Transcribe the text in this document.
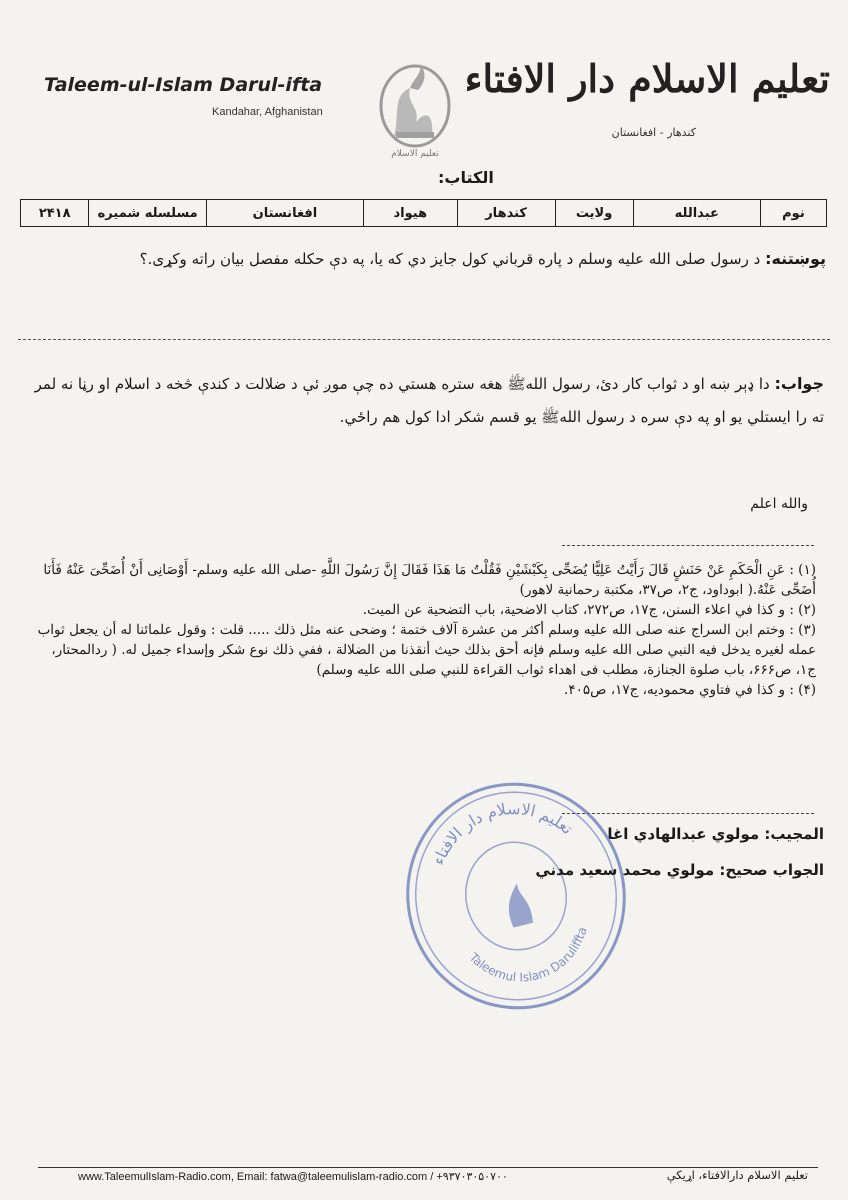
Taleem-ul-Islam Darul-ifta
Kandahar, Afghanistan
تعليم الاسلام
تعليم الاسلام دار الافتاء
کندهار - افغانستان
الكتاب:
نوم	عبدالله	ولايت	كندهار	هيواد	افغانستان	مسلسله شمیره	۲۴۱۸
پوښتنه: د رسول صلی الله علیه وسلم د پاره قرباني کول جایز دي که یا، په دې حکله مفصل بیان راته وکړی.؟
جواب: دا ډېر ښه او د ثواب کار دئ، رسول اللهﷺ هغه ستره هستي ده چې موږ ئې د ضلالت د کندې څخه د اسلام او رڼا نه لمر ته را ایستلي يو او په دې سره د رسول اللهﷺ یو قسم شکر ادا کول هم راځي.
والله اعلم

(۱) : عَنِ الْحَكَمِ عَنْ حَنَشٍ قَالَ رَأَيْتُ عَلِيًّا يُضَحِّى بِكَبْشَيْنِ فَقُلْتُ مَا هَذَا فَقَالَ إِنَّ رَسُولَ اللَّهِ -صلى الله عليه وسلم- أَوْصَانِى أَنْ أُضَحِّىَ عَنْهُ فَأَنَا أُضَحِّى عَنْهُ.( ابوداود، ج۲، ص۳۷، مكتبة رحمانية لاهور)

(۲) : و كذا في اعلاء السنن، ج۱۷، ص۲۷۲، كتاب الاضحية، باب التضحية عن الميت.

(۳) : وختم ابن السراج عنه صلى الله عليه وسلم أكثر من عشرة آلاف ختمة ؛ وضحى عنه مثل ذلك ..... قلت : وقول علمائنا له أن يجعل ثواب عمله لغيره يدخل فيه النبي صلى الله عليه وسلم فإنه أحق بذلك حيث أنقذنا من الضلالة ، ففي ذلك نوع شكر وإسداء جميل له. ( ردالمحتار، ج۱، ص۶۶۶، باب صلوة الجنازة، مطلب فى اهداء ثواب القراءة للنبي صلى الله عليه وسلم)

(۴) : و كذا في فتاوي محموديه، ج۱۷، ص۴۰۵.

تعليم الاسلام دار الافتاء
Taleemul Islam Daruliffta
المجيب: مولوي عبدالهادي اغا
الجواب صحيح: مولوي محمد سعيد مدني
www.TaleemulIslam-Radio.com, Email: fatwa@taleemulislam-radio.com / +۹۳۷۰۳۰۵۰۷۰۰	تعلیم الاسلام دارالافتاء، اړیکې
